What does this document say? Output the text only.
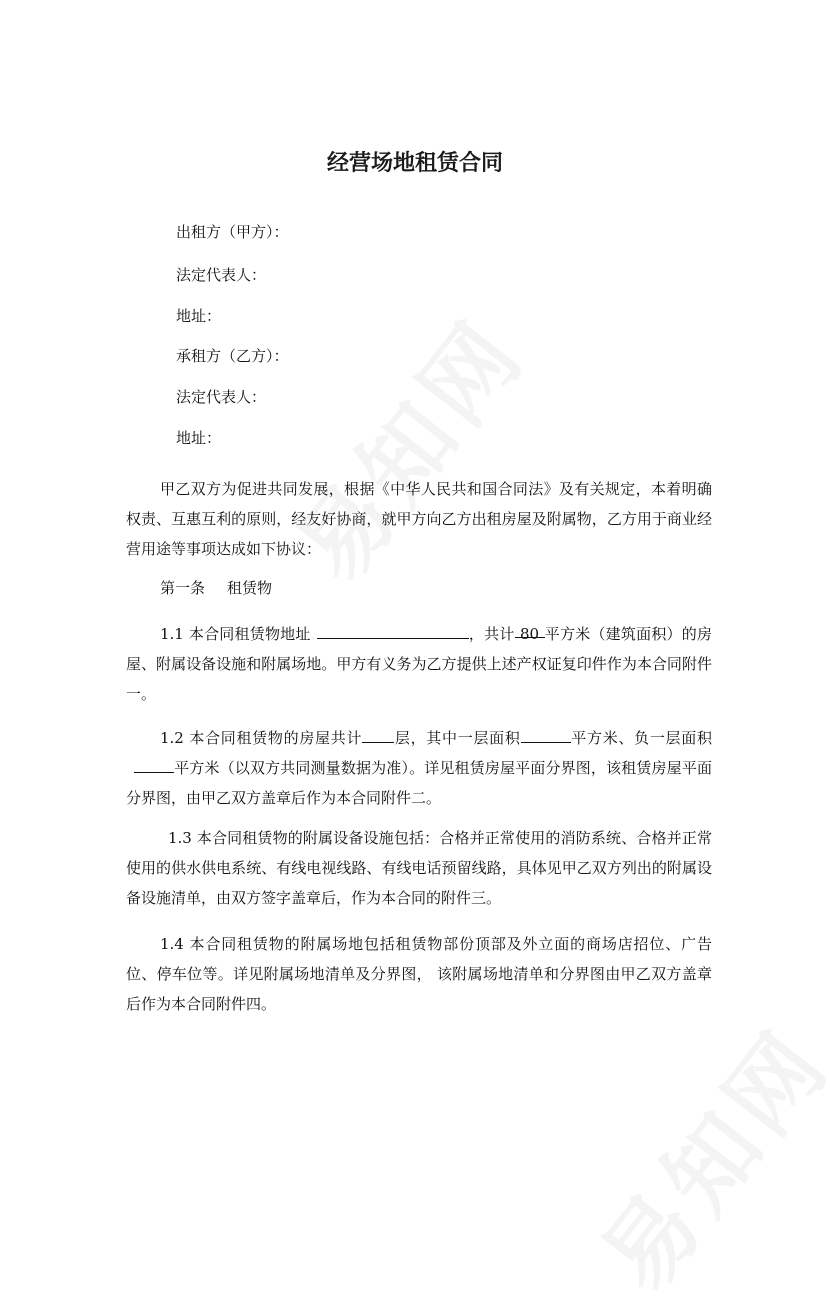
经营场地租赁合同
出租方（甲方）：
法定代表人：
地址：
承租方（乙方）：
法定代表人：
地址：
甲乙双方为促进共同发展，根据《中华人民共和国合同法》及有关规定，本着明确权责、互惠互利的原则，经友好协商，就甲方向乙方出租房屋及附属物，乙方用于商业经营用途等事项达成如下协议：
第一条 租赁物
1.1 本合同租赁物地址	，共计 80 平方米（建筑面积）的房屋、附属设备设施和附属场地。甲方有义务为乙方提供上述产权证复印件作为本合同附件一。
1.2 本合同租赁物的房屋共计 层，其中一层面积	平方米、负一层面积平方米（以双方共同测量数据为准）。详见租赁房屋平面分界图，该租赁房屋平面分界图，由甲乙双方盖章后作为本合同附件二。
1.3 本合同租赁物的附属设备设施包括：合格并正常使用的消防系统、合格并正常使用的供水供电系统、有线电视线路、有线电话预留线路，具体见甲乙双方列出的附属设备设施清单，由双方签字盖章后，作为本合同的附件三。
1.4 本合同租赁物的附属场地包括租赁物部份顶部及外立面的商场店招位、广告位、停车位等。详见附属场地清单及分界图， 该附属场地清单和分界图由甲乙双方盖章后作为本合同附件四。
